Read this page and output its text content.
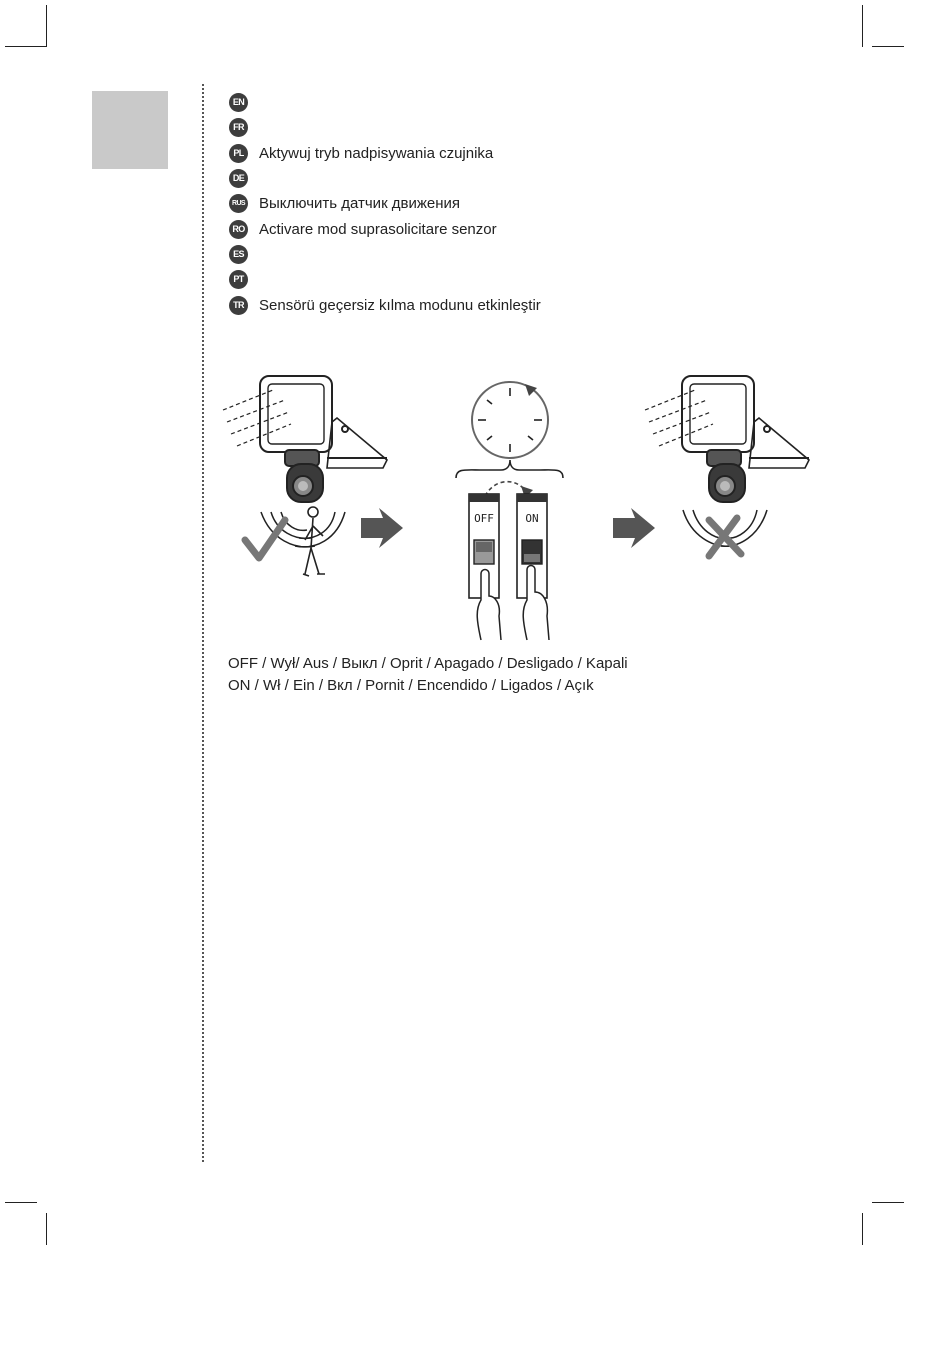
EN
FR
PL Aktywuj tryb nadpisywania czujnika
DE
RUS Выключить датчик движения
RO Activare mod suprasolicitare senzor
ES
PT
TR Sensörü geçersiz kılma modunu etkinleştir
OFF	ON
OFF / Wył/ Aus / Выкл / Oprit / Apagado / Desligado / Kapali
ON / Wł / Ein / Вкл / Pornit / Encendido / Ligados / Açık
